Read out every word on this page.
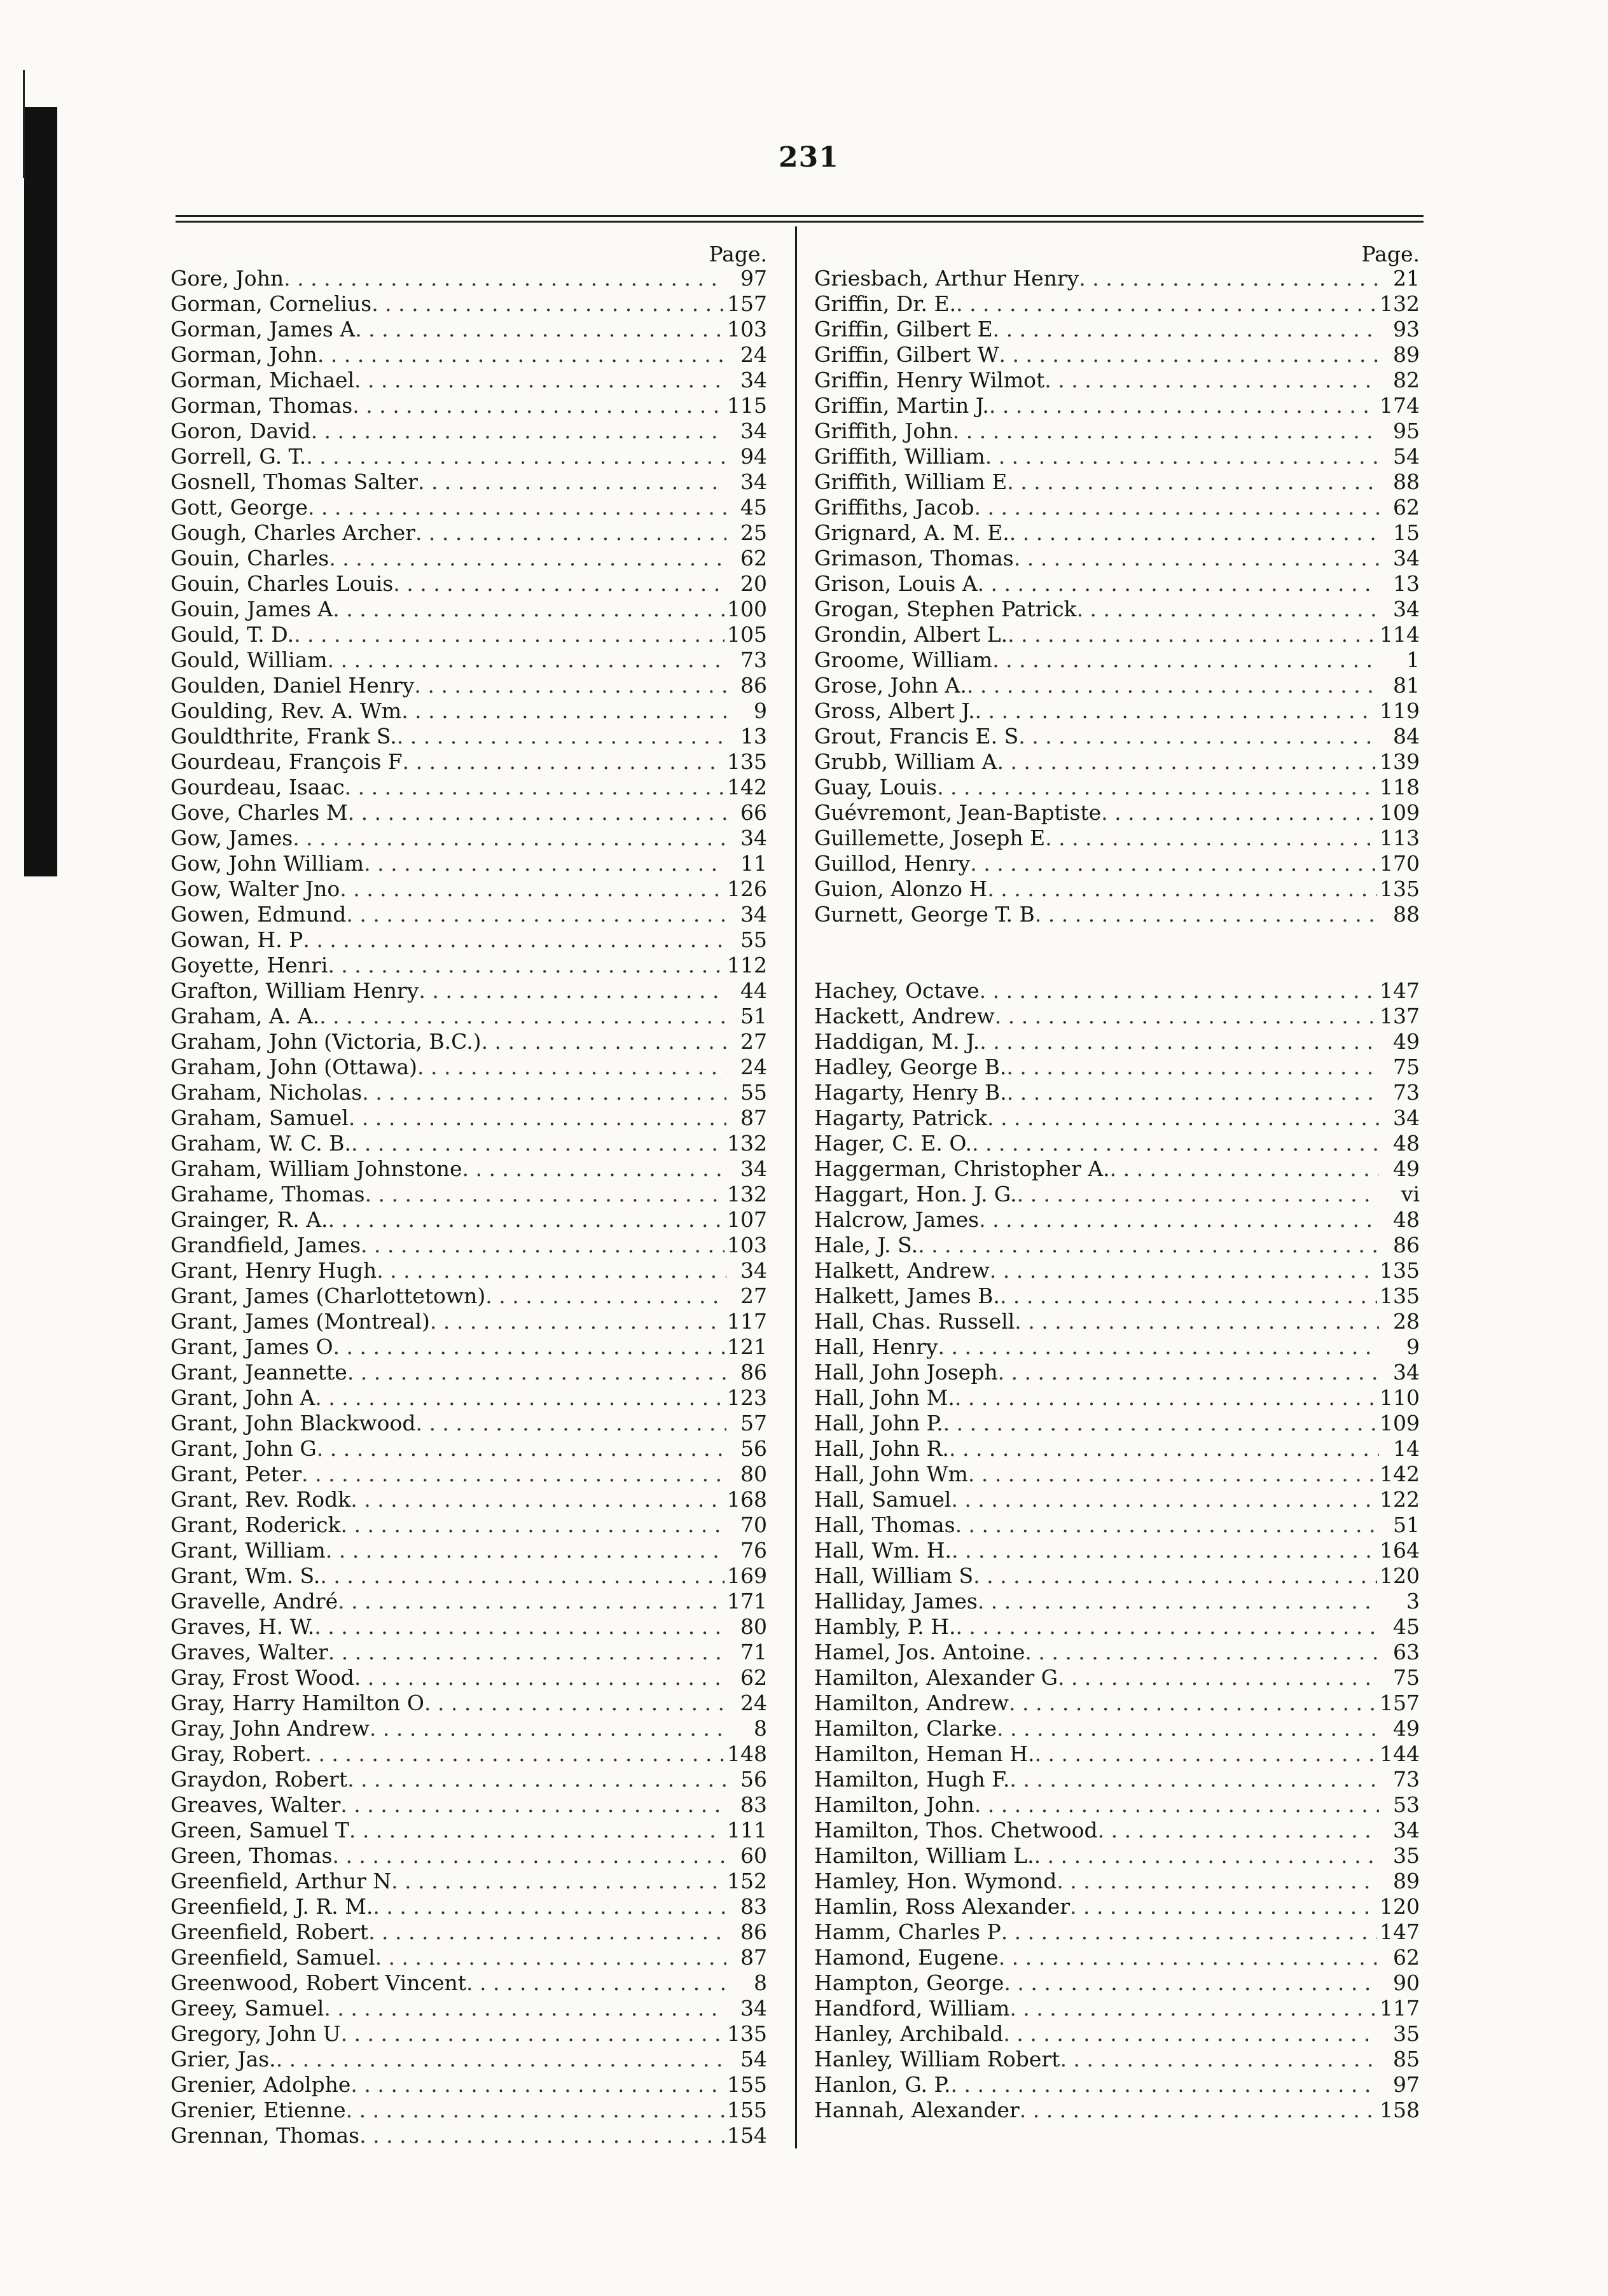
231
Page.
Gore, John . . .	97
Gorman, Cornelius . . .	157
Gorman, James A . . .	103
Gorman, John . . .	24
Gorman, Michael . . .	34
Gorman, Thomas . . .	115
Goron, David . . .	34
Gorrell, G. T. . . .	94
Gosnell, Thomas Salter . . .	34
Gott, George . . .	45
Gough, Charles Archer . . .	25
Gouin, Charles . . .	62
Gouin, Charles Louis . . .	20
Gouin, James A . . .	100
Gould, T. D. . . .	105
Gould, William . . .	73
Goulden, Daniel Henry . . .	86
Goulding, Rev. A. Wm . . .	9
Gouldthrite, Frank S. . . .	13
Gourdeau, François F . . .	135
Gourdeau, Isaac . . .	142
Gove, Charles M . . .	66
Gow, James . . .	34
Gow, John William . . .	11
Gow, Walter Jno . . .	126
Gowen, Edmund . . .	34
Gowan, H. P . . .	55
Goyette, Henri . . .	112
Grafton, William Henry . . .	44
Graham, A. A. . . .	51
Graham, John (Victoria, B.C.) . . .	27
Graham, John (Ottawa) . . .	24
Graham, Nicholas . . .	55
Graham, Samuel . . .	87
Graham, W. C. B. . . .	132
Graham, William Johnstone . . .	34
Grahame, Thomas . . .	132
Grainger, R. A. . . .	107
Grandfield, James . . .	103
Grant, Henry Hugh . . .	34
Grant, James (Charlottetown) . . .	27
Grant, James (Montreal) . . .	117
Grant, James O . . .	121
Grant, Jeannette . . .	86
Grant, John A . . .	123
Grant, John Blackwood . . .	57
Grant, John G . . .	56
Grant, Peter . . .	80
Grant, Rev. Rodk . . .	168
Grant, Roderick . . .	70
Grant, William . . .	76
Grant, Wm. S. . . .	169
Gravelle, André . . .	171
Graves, H. W. . . .	80
Graves, Walter . . .	71
Gray, Frost Wood . . .	62
Gray, Harry Hamilton O . . .	24
Gray, John Andrew . . .	8
Gray, Robert . . .	148
Graydon, Robert . . .	56
Greaves, Walter . . .	83
Green, Samuel T . . .	111
Green, Thomas . . .	60
Greenfield, Arthur N . . .	152
Greenfield, J. R. M. . . .	83
Greenfield, Robert . . .	86
Greenfield, Samuel . . .	87
Greenwood, Robert Vincent . . .	8
Greey, Samuel . . .	34
Gregory, John U . . .	135
Grier, Jas. . . .	54
Grenier, Adolphe . . .	155
Grenier, Etienne . . .	155
Grennan, Thomas . . .	154
Page.
Griesbach, Arthur Henry . . .	21
Griffin, Dr. E. . . .	132
Griffin, Gilbert E . . .	93
Griffin, Gilbert W . . .	89
Griffin, Henry Wilmot . . .	82
Griffin, Martin J. . . .	174
Griffith, John . . .	95
Griffith, William . . .	54
Griffith, William E . . .	88
Griffiths, Jacob . . .	62
Grignard, A. M. E. . . .	15
Grimason, Thomas . . .	34
Grison, Louis A . . .	13
Grogan, Stephen Patrick . . .	34
Grondin, Albert L. . . .	114
Groome, William . . .	1
Grose, John A. . . .	81
Gross, Albert J. . . .	119
Grout, Francis E. S . . .	84
Grubb, William A . . .	139
Guay, Louis . . .	118
Guévremont, Jean-Baptiste . . .	109
Guillemette, Joseph E . . .	113
Guillod, Henry . . .	170
Guion, Alonzo H . . .	135
Gurnett, George T. B . . .	88
Hachey, Octave . . .	147
Hackett, Andrew . . .	137
Haddigan, M. J. . . .	49
Hadley, George B. . . .	75
Hagarty, Henry B. . . .	73
Hagarty, Patrick . . .	34
Hager, C. E. O. . . .	48
Haggerman, Christopher A. . . .	49
Haggart, Hon. J. G. . . .	vi
Halcrow, James . . .	48
Hale, J. S. . . .	86
Halkett, Andrew . . .	135
Halkett, James B. . . .	135
Hall, Chas. Russell . . .	28
Hall, Henry . . .	9
Hall, John Joseph . . .	34
Hall, John M. . . .	110
Hall, John P. . . .	109
Hall, John R. . . .	14
Hall, John Wm . . .	142
Hall, Samuel . . .	122
Hall, Thomas . . .	51
Hall, Wm. H. . . .	164
Hall, William S . . .	120
Halliday, James . . .	3
Hambly, P. H. . . .	45
Hamel, Jos. Antoine . . .	63
Hamilton, Alexander G . . .	75
Hamilton, Andrew . . .	157
Hamilton, Clarke . . .	49
Hamilton, Heman H. . . .	144
Hamilton, Hugh F. . . .	73
Hamilton, John . . .	53
Hamilton, Thos. Chetwood . . .	34
Hamilton, William L. . . .	35
Hamley, Hon. Wymond . . .	89
Hamlin, Ross Alexander . . .	120
Hamm, Charles P . . .	147
Hamond, Eugene . . .	62
Hampton, George . . .	90
Handford, William . . .	117
Hanley, Archibald . . .	35
Hanley, William Robert . . .	85
Hanlon, G. P. . . .	97
Hannah, Alexander . . .	158
